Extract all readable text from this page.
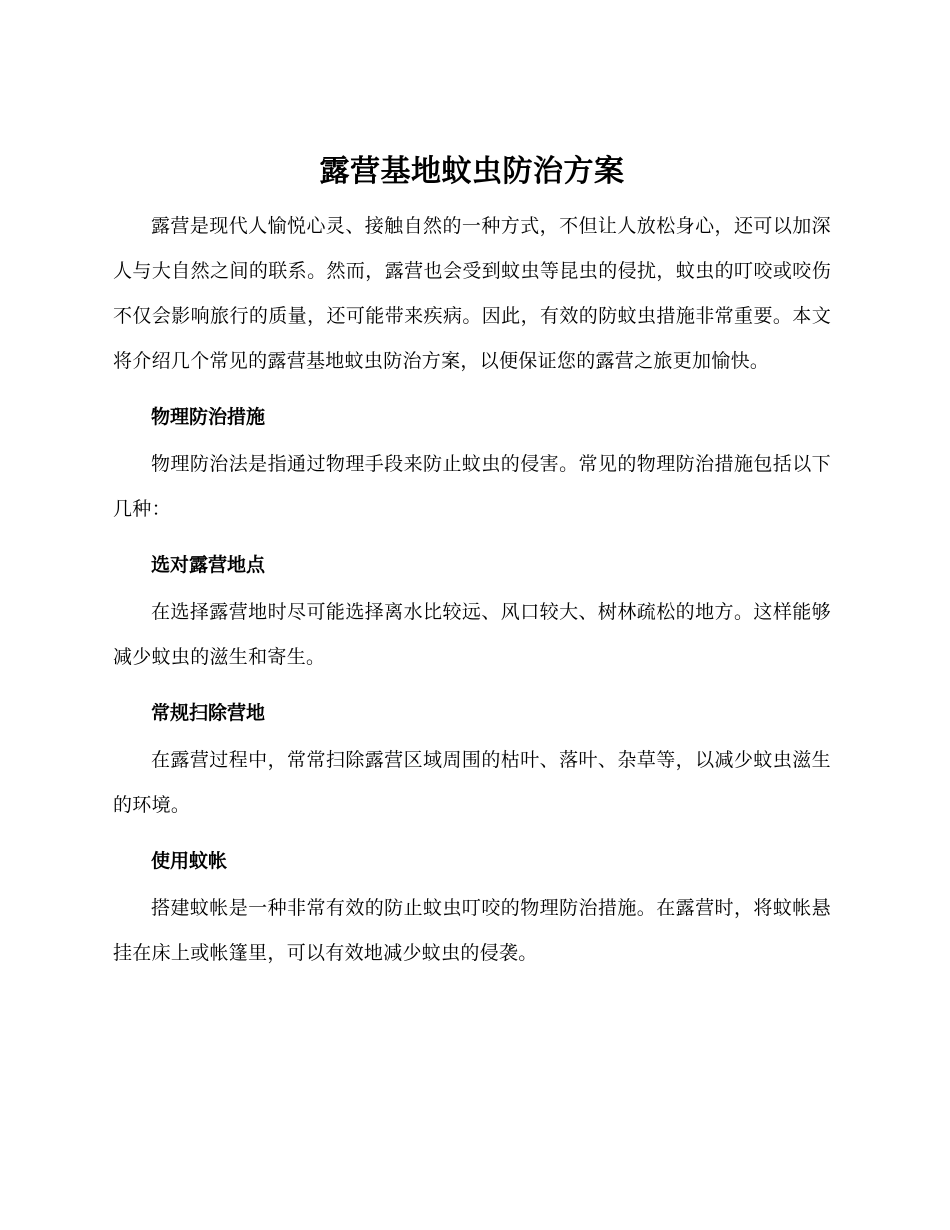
露营基地蚊虫防治方案

露营是现代人愉悦心灵、接触自然的一种方式，不但让人放松身心，还可以加深人与大自然之间的联系。然而，露营也会受到蚊虫等昆虫的侵扰，蚊虫的叮咬或咬伤不仅会影响旅行的质量，还可能带来疾病。因此，有效的防蚊虫措施非常重要。本文将介绍几个常见的露营基地蚊虫防治方案，以便保证您的露营之旅更加愉快。

物理防治措施

物理防治法是指通过物理手段来防止蚊虫的侵害。常见的物理防治措施包括以下几种：

选对露营地点

在选择露营地时尽可能选择离水比较远、风口较大、树林疏松的地方。这样能够减少蚊虫的滋生和寄生。

常规扫除营地

在露营过程中，常常扫除露营区域周围的枯叶、落叶、杂草等，以减少蚊虫滋生的环境。

使用蚊帐

搭建蚊帐是一种非常有效的防止蚊虫叮咬的物理防治措施。在露营时，将蚊帐悬挂在床上或帐篷里，可以有效地减少蚊虫的侵袭。
